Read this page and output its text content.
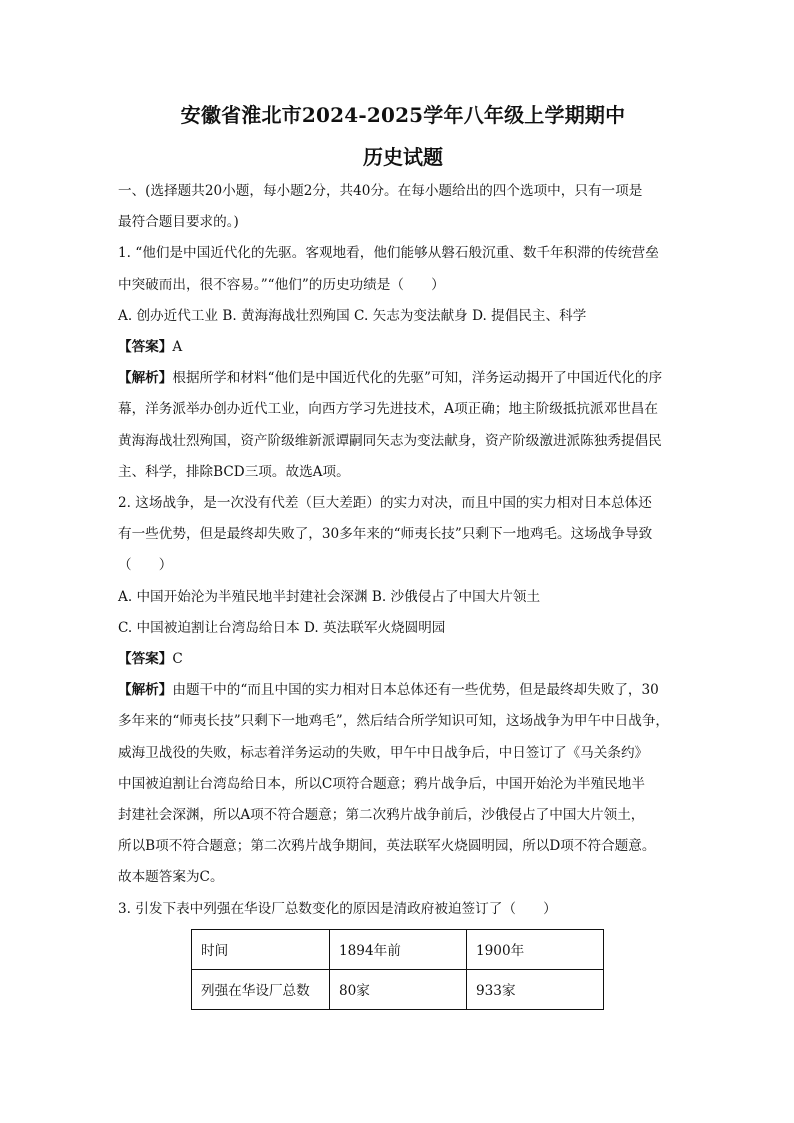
安徽省淮北市2024-2025学年八年级上学期期中
历史试题

一、(选择题共20小题，每小题2分，共40分。在每小题给出的四个选项中，只有一项是

最符合题目要求的。)

1. “他们是中国近代化的先驱。客观地看，他们能够从磐石般沉重、数千年积滞的传统营垒

中突破而出，很不容易。”“他们”的历史功绩是（　　）

A. 创办近代工业 B. 黄海海战壮烈殉国 C. 矢志为变法献身 D. 提倡民主、科学

【答案】A

【解析】根据所学和材料“他们是中国近代化的先驱”可知，洋务运动揭开了中国近代化的序

幕，洋务派举办创办近代工业，向西方学习先进技术，A项正确；地主阶级抵抗派邓世昌在

黄海海战壮烈殉国，资产阶级维新派谭嗣同矢志为变法献身，资产阶级激进派陈独秀提倡民

主、科学，排除BCD三项。故选A项。

2. 这场战争，是一次没有代差（巨大差距）的实力对决，而且中国的实力相对日本总体还

有一些优势，但是最终却失败了，30多年来的“师夷长技”只剩下一地鸡毛。这场战争导致

（　　）

A. 中国开始沦为半殖民地半封建社会深渊 B. 沙俄侵占了中国大片领土

C. 中国被迫割让台湾岛给日本 D. 英法联军火烧圆明园

【答案】C

【解析】由题干中的“而且中国的实力相对日本总体还有一些优势，但是最终却失败了，30

多年来的“师夷长技”只剩下一地鸡毛”，然后结合所学知识可知，这场战争为甲午中日战争，

威海卫战役的失败，标志着洋务运动的失败，甲午中日战争后，中日签订了《马关条约》

中国被迫割让台湾岛给日本，所以C项符合题意；鸦片战争后，中国开始沦为半殖民地半

封建社会深渊，所以A项不符合题意；第二次鸦片战争前后，沙俄侵占了中国大片领土，

所以B项不符合题意；第二次鸦片战争期间，英法联军火烧圆明园，所以D项不符合题意。

故本题答案为C。

3. 引发下表中列强在华设厂总数变化的原因是清政府被迫签订了（　　）

时间	1894年前	1900年
列强在华设厂总数	80家	933家
